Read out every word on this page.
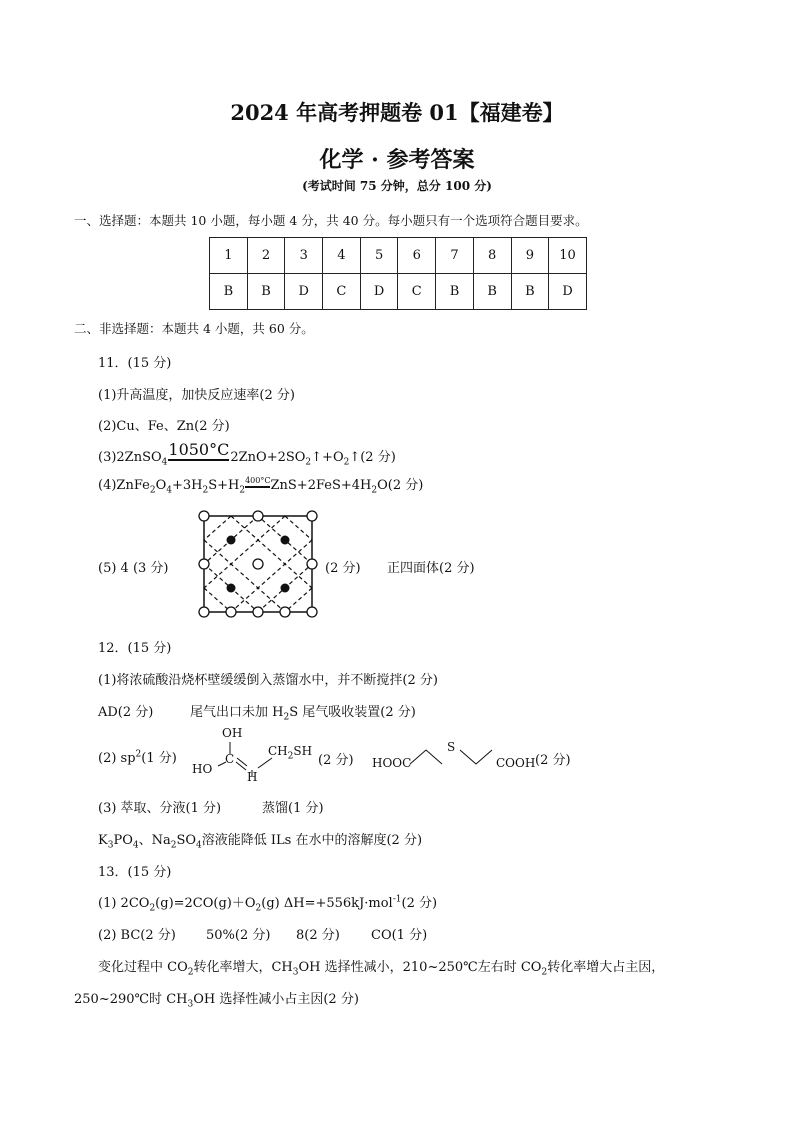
2024 年高考押题卷 01【福建卷】
化学 · 参考答案
(考试时间 75 分钟，总分 100 分)
一、选择题：本题共 10 小题，每小题 4 分，共 40 分。每小题只有一个选项符合题目要求。
1	2	3	4	5	6	7	8	9	10
B	B	D	C	D	C	B	B	B	D
二、非选择题：本题共 4 小题，共 60 分。
11．(15 分)
(1)升高温度，加快反应速率(2 分)
(2)Cu、Fe、Zn(2 分)
(3)2ZnSO$_4$
1050°C $2ZnO+2SO_2↑+O_2↑(2$ 分)
$(4)ZnFe_2O_4+3H_2S+H_2$
400°C $ZnS+2FeS+4H_2O(2$ 分)
(5) 4 (3 分)	(2 分) 正四面体(2 分)
12．(15 分)
(1)将浓硫酸沿烧杯壁缓缓倒入蒸馏水中，并不断搅拌(2 分)
AD(2 分)	尾气出口未加 $H_2S$ 尾气吸收装置(2 分)
(2) $sp^2(1$ 分)
OH
HO
C
H
$CH_2SH$
(2 分) HOOC
S
COOH (2 分)
(3) 萃取、分液(1 分)	蒸馏(1 分)
$K_3PO_4$、$Na_2SO_4$溶液能降低 ILs 在水中的溶解度(2 分)
13．(15 分)
(1) $2CO_2(g)=2CO(g)+O_2(g)$ ΔH=+556kJ·mol$^{-1}$(2 分)
(2) BC(2 分) 50%(2 分) 8(2 分) CO(1 分)
变化过程中 $CO_2$转化率增大，$CH_3OH$ 选择性减小，210~250℃左右时 $CO_2$转化率增大占主因，
250~290℃时 $CH_3OH$ 选择性减小占主因(2 分)
